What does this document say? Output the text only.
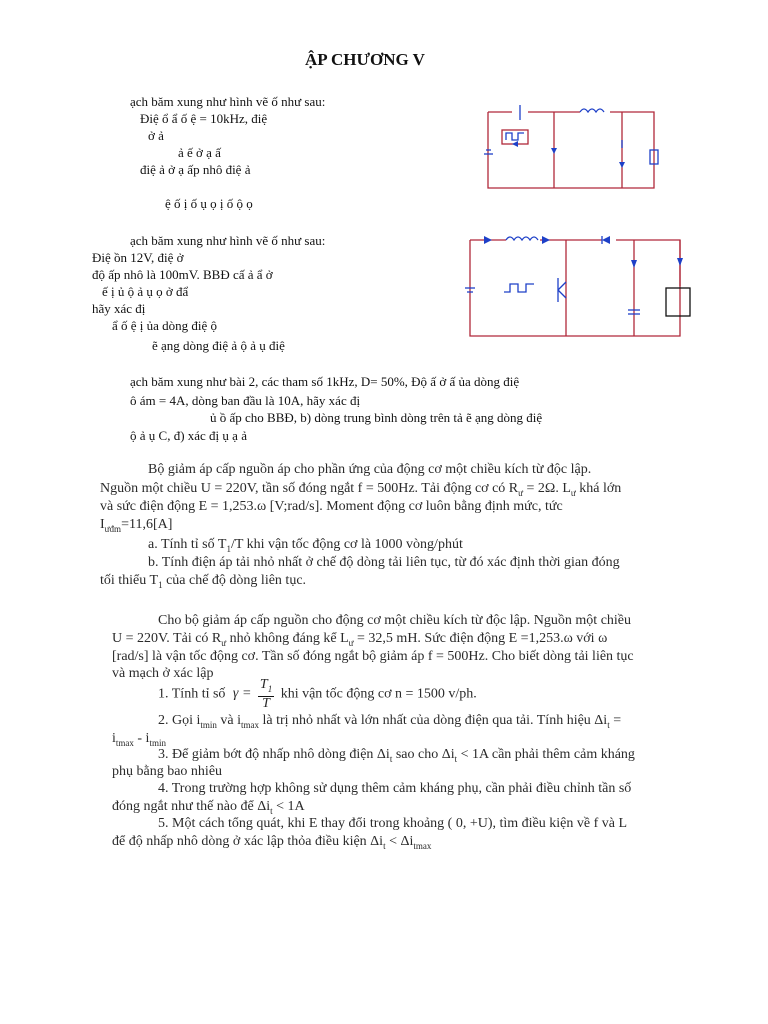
ẬP CHƯƠNG V
ạch băm xung như hình vẽ ố như sau:
Điệ ổ ẩ ố ệ = 10kHz, điệ
ở ả
ả ế ở ạ ấ
điệ ả ở ạ ấp nhô điệ ả
ệ ố ị ố ụ ọ ị ố ộ ọ
ạch băm xung như hình vẽ ố như sau:
Điệ ồn 12V, điệ ở
độ ấp nhô là 100mV. BBĐ cấ ả ẩ ở
ế ị ủ ộ ả ụ ọ ở đẩ
hãy xác đị
ẩ ố ệ ị ủa dòng điệ ộ
ẽ ạng dòng điệ ả ộ ả ụ điệ
ạch băm xung như bài 2, các tham số 1kHz, D= 50%, Độ ấ ở ấ ủa dòng điệ
ô ám = 4A, dòng ban đầu là 10A, hãy xác đị
ủ ồ ấp cho BBĐ, b) dòng trung bình dòng trên tả ẽ ạng dòng điệ
ộ ả ụ C, đ) xác đị ụ ạ ả
Bộ giảm áp cấp nguồn áp cho phần ứng của động cơ một chiều kích từ độc lập.
Nguồn một chiều U = 220V, tần số đóng ngắt f = 500Hz. Tải động cơ có $R_ư = 2\Omega$. $L_ư$ khá lớn
và sức điện động E = 1,253.ω [V;rad/s]. Moment động cơ luôn bằng định mức, tức
$I_{ưđm}=11,6[A]$
a. Tính tỉ số $T_1/T$ khi vận tốc động cơ là 1000 vòng/phút
b. Tính điện áp tải nhỏ nhất ở chế độ dòng tải liên tục, từ đó xác định thời gian đóng
tối thiểu $T_1$ của chế độ dòng liên tục.
Cho bộ giảm áp cấp nguồn cho động cơ một chiều kích từ độc lập. Nguồn một chiều
U = 220V. Tải có $R_ư$ nhỏ không đáng kể $L_ư = 32,5$ mH. Sức điện động E =1,253.ω với ω
[rad/s] là vận tốc động cơ. Tần số đóng ngắt bộ giảm áp f = 500Hz. Cho biết dòng tải liên tục
và mạch ở xác lập
1. Tính tỉ số $\gamma = \frac{T_1}{T}$ khi vận tốc động cơ n = 1500 v/ph.
2. Gọi $i_{tmin}$ và $i_{tmax}$ là trị nhỏ nhất và lớn nhất của dòng điện qua tải. Tính hiệu $\Delta i_t$ =
$i_{tmax} - i_{tmin}$
3. Để giảm bớt độ nhấp nhô dòng điện $\Delta i_t$ sao cho $\Delta i_t < 1A$ cần phải thêm cảm kháng
phụ bằng bao nhiêu
4. Trong trường hợp không sử dụng thêm cảm kháng phụ, cần phải điều chỉnh tần số
đóng ngắt như thế nào để $\Delta i_t < 1A$
5. Một cách tổng quát, khi E thay đổi trong khoảng ( 0, +U), tìm điều kiện về f và L
để độ nhấp nhô dòng ở xác lập thỏa điều kiện $\Delta i_t < \Delta i_{tmax}$
